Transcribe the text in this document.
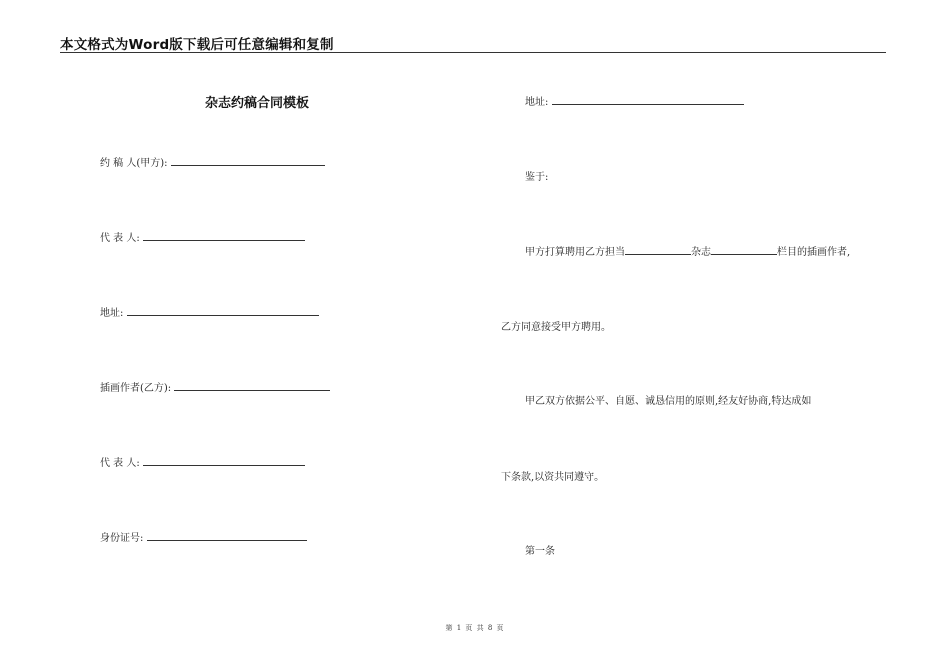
本文格式为Word版下载后可任意编辑和复制
杂志约稿合同模板
约 稿 人(甲方):
代 表 人:
地址:
插画作者(乙方):
代 表 人:
身份证号:
地址:
鉴于:
甲方打算聘用乙方担当	杂志	栏目的插画作者,
乙方同意接受甲方聘用。
甲乙双方依据公平、自愿、诚恳信用的原则,经友好协商,特达成如
下条款,以资共同遵守。
第一条
第 1 页 共 8 页
